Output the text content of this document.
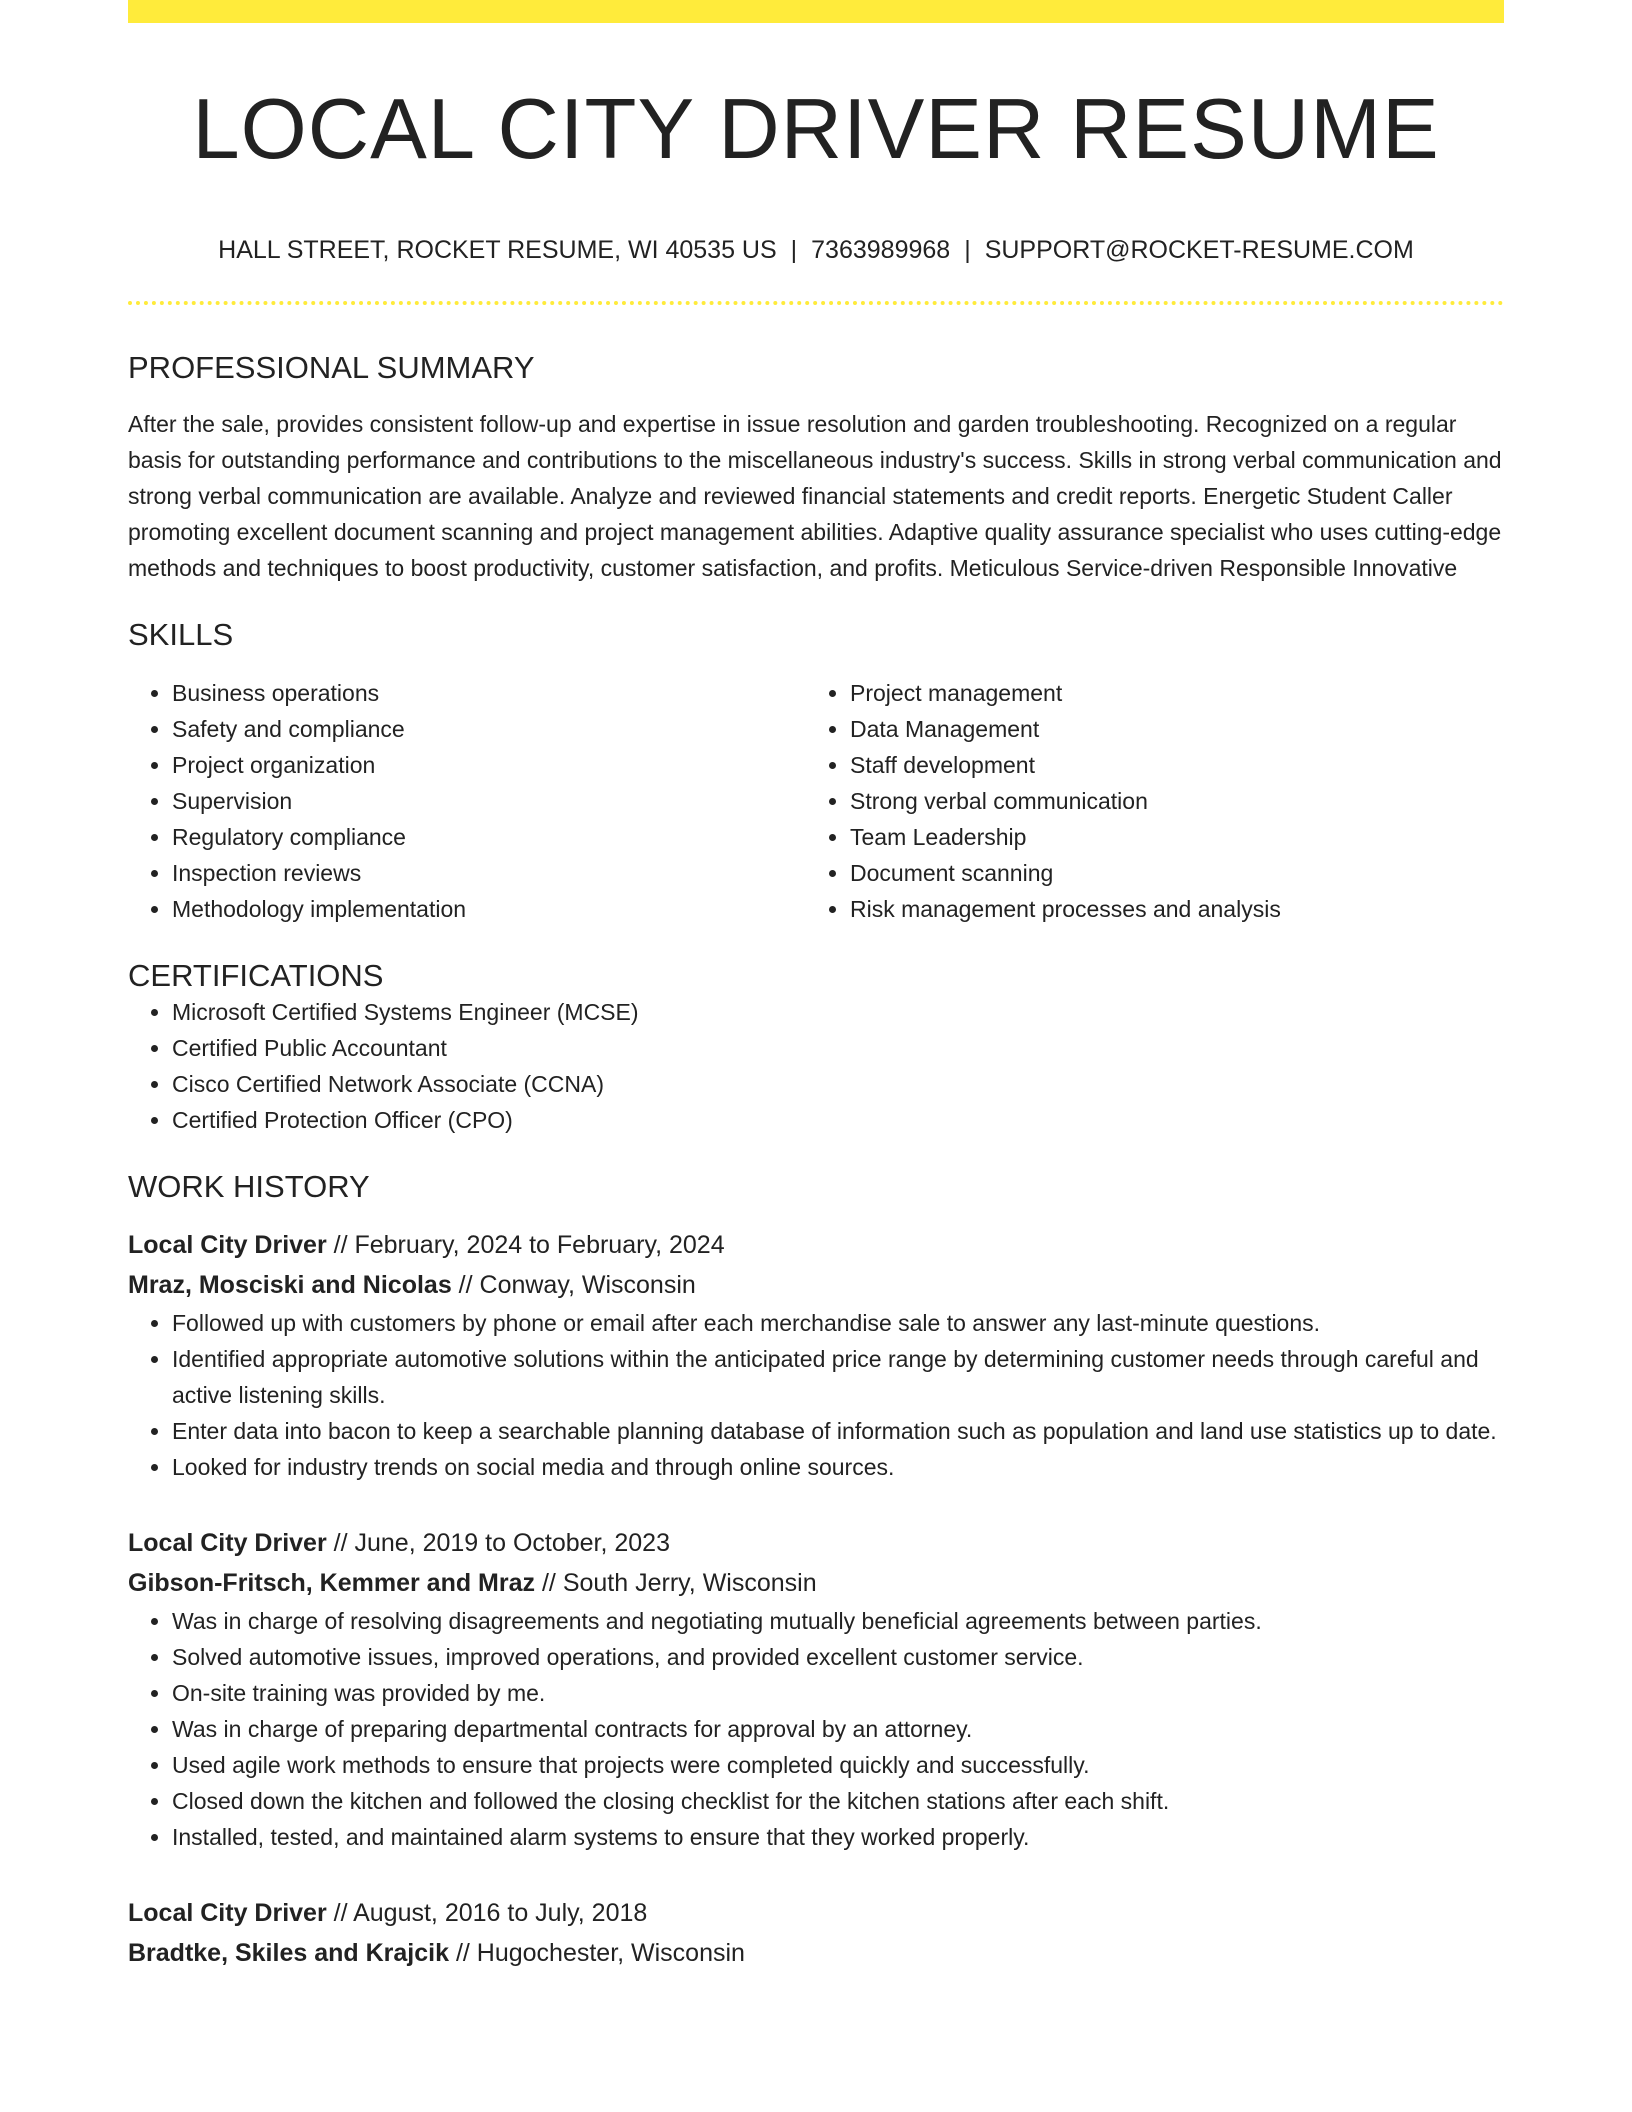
LOCAL CITY DRIVER RESUME
HALL STREET, ROCKET RESUME, WI 40535 US | 7363989968 | SUPPORT@ROCKET-RESUME.COM
PROFESSIONAL SUMMARY

After the sale, provides consistent follow-up and expertise in issue resolution and garden troubleshooting. Recognized on a regular basis for outstanding performance and contributions to the miscellaneous industry's success. Skills in strong verbal communication and strong verbal communication are available. Analyze and reviewed financial statements and credit reports. Energetic Student Caller promoting excellent document scanning and project management abilities. Adaptive quality assurance specialist who uses cutting-edge methods and techniques to boost productivity, customer satisfaction, and profits. Meticulous Service-driven Responsible Innovative

SKILLS
• Business operations
• Safety and compliance
• Project organization
• Supervision
• Regulatory compliance
• Inspection reviews
• Methodology implementation
• Project management
• Data Management
• Staff development
• Strong verbal communication
• Team Leadership
• Document scanning
• Risk management processes and analysis
CERTIFICATIONS
• Microsoft Certified Systems Engineer (MCSE)
• Certified Public Accountant
• Cisco Certified Network Associate (CCNA)
• Certified Protection Officer (CPO)
WORK HISTORY
Local City Driver // February, 2024 to February, 2024
Mraz, Mosciski and Nicolas // Conway, Wisconsin
• Followed up with customers by phone or email after each merchandise sale to answer any last-minute questions.
• Identified appropriate automotive solutions within the anticipated price range by determining customer needs through careful and active listening skills.
• Enter data into bacon to keep a searchable planning database of information such as population and land use statistics up to date.
• Looked for industry trends on social media and through online sources.
Local City Driver // June, 2019 to October, 2023
Gibson-Fritsch, Kemmer and Mraz // South Jerry, Wisconsin
• Was in charge of resolving disagreements and negotiating mutually beneficial agreements between parties.
• Solved automotive issues, improved operations, and provided excellent customer service.
• On-site training was provided by me.
• Was in charge of preparing departmental contracts for approval by an attorney.
• Used agile work methods to ensure that projects were completed quickly and successfully.
• Closed down the kitchen and followed the closing checklist for the kitchen stations after each shift.
• Installed, tested, and maintained alarm systems to ensure that they worked properly.
Local City Driver // August, 2016 to July, 2018
Bradtke, Skiles and Krajcik // Hugochester, Wisconsin
